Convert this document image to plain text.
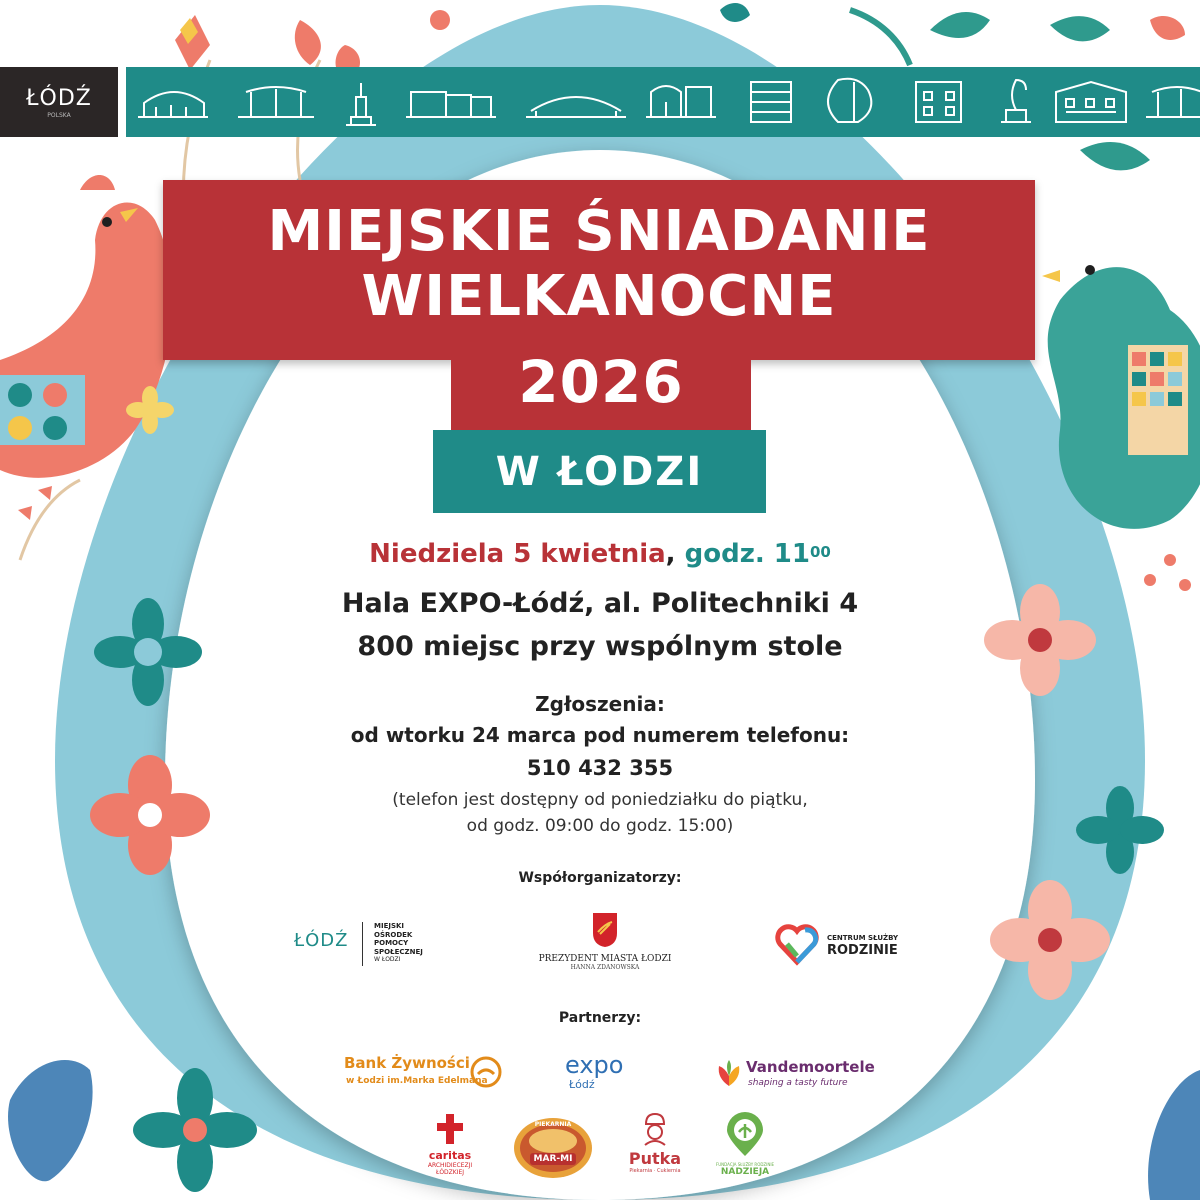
ŁÓDŹ
POLSKA
MIEJSKIE ŚNIADANIE
WIELKANOCNE
2026
W ŁODZI
Niedziela 5 kwietnia, godz. $11^{00}$
Hala EXPO-Łódź, al. Politechniki 4
800 miejsc przy wspólnym stole
Zgłoszenia:
od wtorku 24 marca pod numerem telefonu:
510 432 355
(telefon jest dostępny od poniedziałku do piątku,
od godz. 09:00 do godz. 15:00)
Współorganizatorzy:
ŁÓDŹ
MIEJSKI
OŚRODEK
POMOCY
SPOŁECZNEJ
W ŁODZI	PREZYDENT MIASTA ŁODZI
HANNA ZDANOWSKA
CENTRUM SŁUŻBY
RODZINIE
Partnerzy:
Bank Żywności
w Łodzi im.Marka Edelmana
expo
Łódź
Vandemoortele
shaping a tasty future
caritas
ARCHIDIECEZJI
ŁÓDZKIEJ
PIEKARNIA
MAR-MI	Putka
Piekarnia · Cukiernia
FUNDACJA SŁUŻBY RODZINIE
NADZIEJA
